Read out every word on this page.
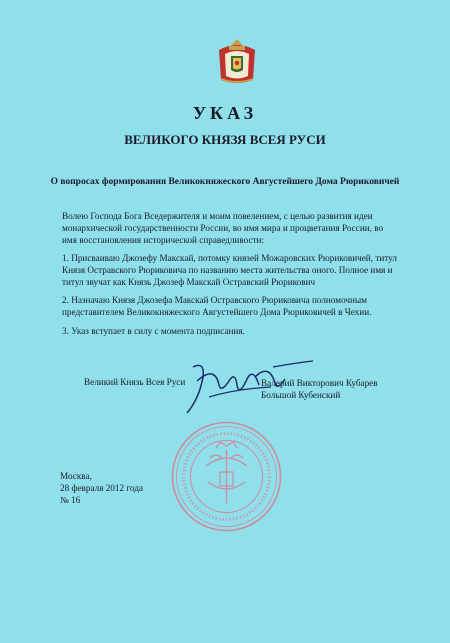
УКАЗ
ВЕЛИКОГО КНЯЗЯ ВСЕЯ РУСИ
О вопросах формирования Великокняжеского Августейшего Дома Рюриковичей
Волею Господа Бога Вседержителя и моим повелением, с целью развития идеи монархической государственности России, во имя мира и процветания России, во имя восстановления исторической справедливости:
1. Присваиваю Джозефу Макскай, потомку князей Можаровских Рюриковичей, титул Князя Остравского Рюриковича по названию места жительства оного. Полное имя и титул звучат как Князь Джозеф Макскай Остравский Рюрикович
2. Назначаю Князя Джозефа Макскай Остравского Рюриковича полномочным представителем Великокняжеского Августейшего Дома Рюриковичей в Чехии.
3. Указ вступает в силу с момента подписания.
Великий Князь Всея Руси	Валерий Викторович Кубарев
Большой Кубенский
Москва,
28 февраля 2012 года
№ 16
